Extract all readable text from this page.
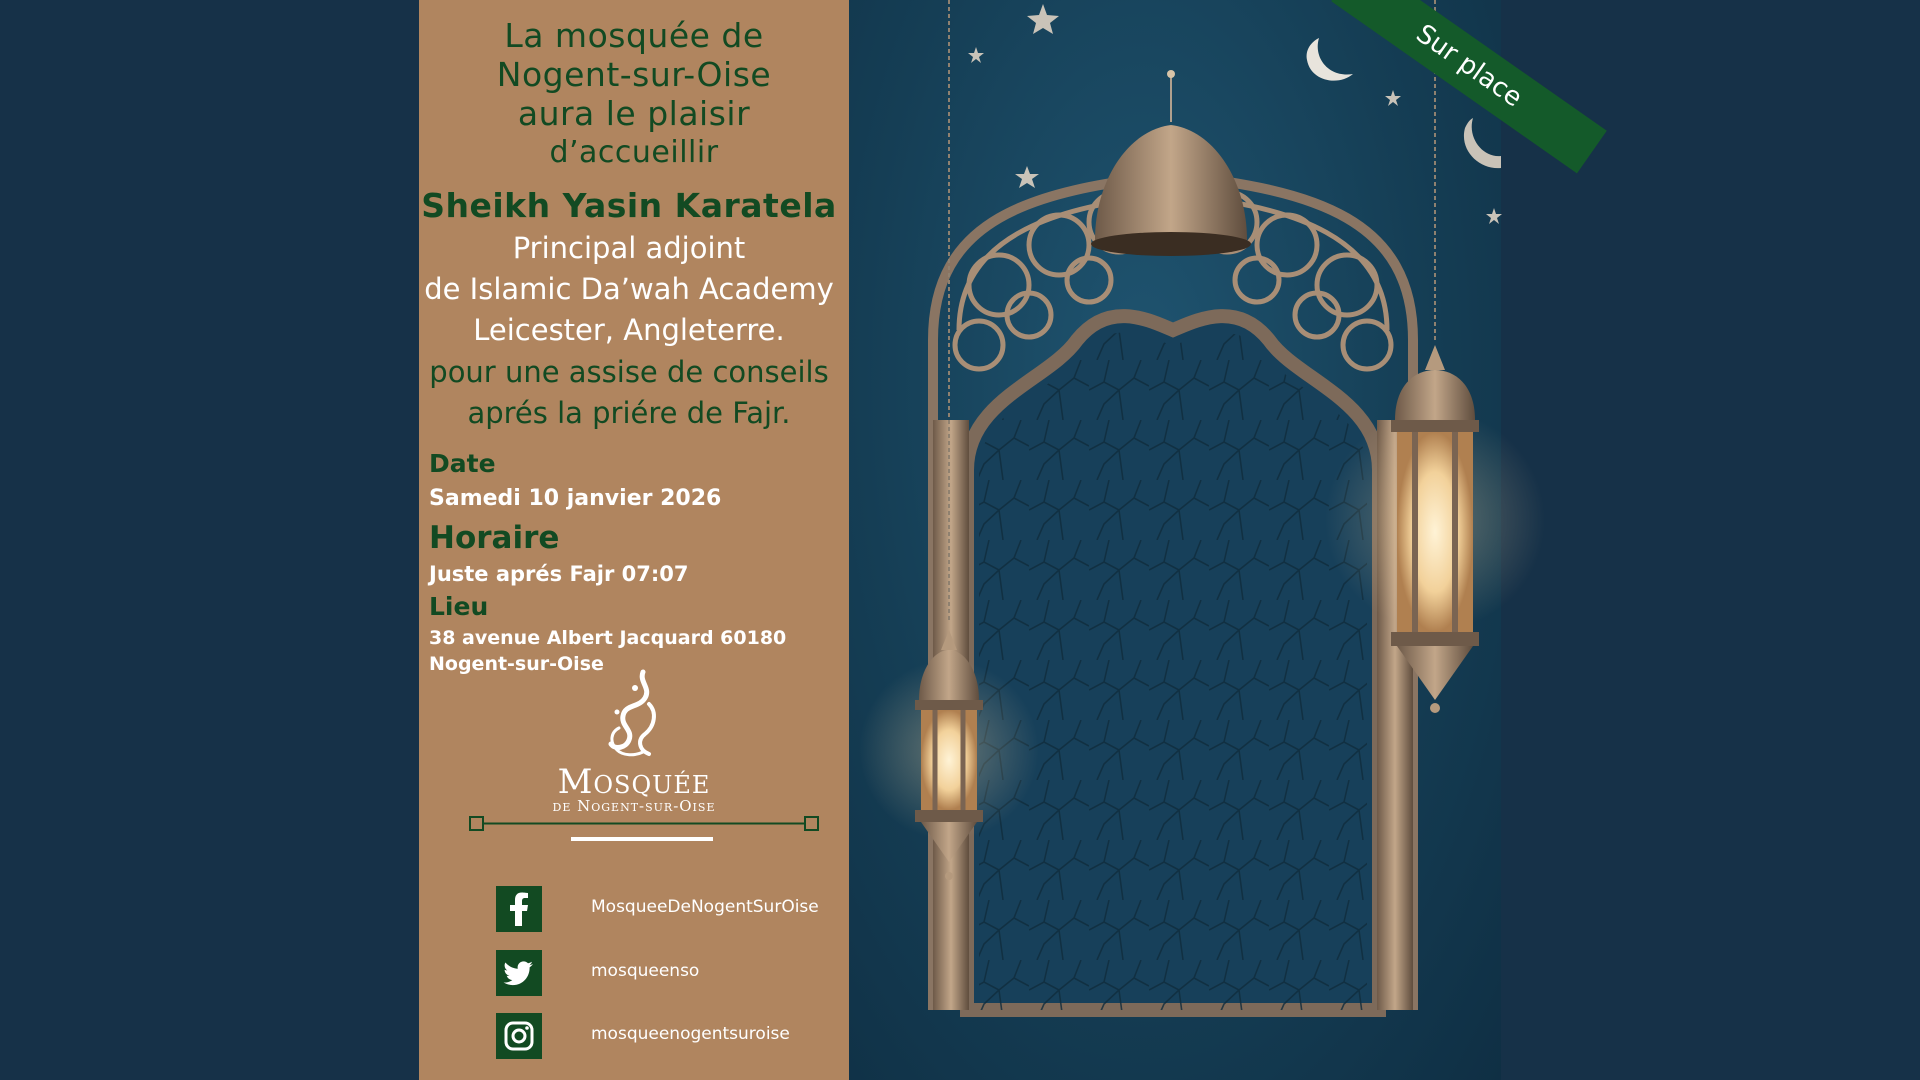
La mosquée de
Nogent-sur-Oise
aura le plaisir
d’accueillir
Sheikh Yasin Karatela
Principal adjoint
de Islamic Da’wah Academy
Leicester, Angleterre.
pour une assise de conseils
aprés la priére de Fajr.
Date
Samedi 10 janvier 2026
Horaire
Juste aprés Fajr 07:07
Lieu
38 avenue Albert Jacquard 60180
Nogent-sur-Oise
Mosquée
de Nogent-sur-Oise
MosqueeDeNogentSurOise
mosqueenso
mosqueenogentsuroise
Sur place
